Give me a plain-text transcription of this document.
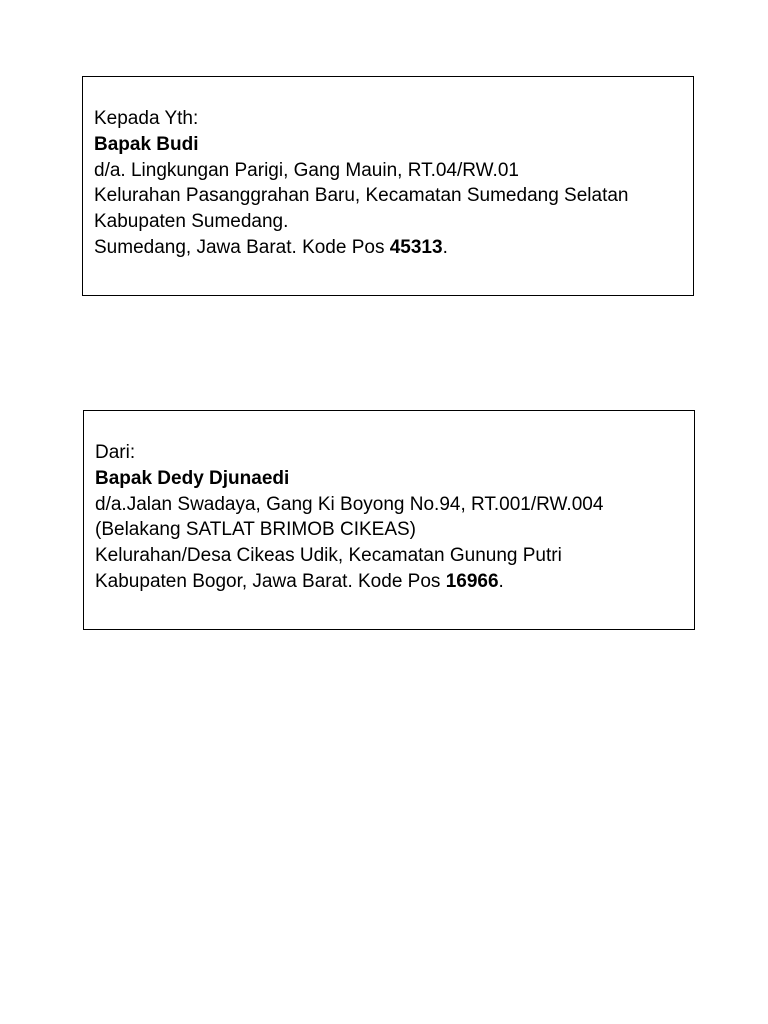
Kepada Yth:
Bapak Budi
d/a. Lingkungan Parigi, Gang Mauin, RT.04/RW.01
Kelurahan Pasanggrahan Baru, Kecamatan Sumedang Selatan
Kabupaten Sumedang.
Sumedang, Jawa Barat. Kode Pos 45313.
Dari:
Bapak Dedy Djunaedi
d/a.Jalan Swadaya, Gang Ki Boyong No.94, RT.001/RW.004
(Belakang SATLAT BRIMOB CIKEAS)
Kelurahan/Desa Cikeas Udik, Kecamatan Gunung Putri
Kabupaten Bogor, Jawa Barat. Kode Pos 16966.
